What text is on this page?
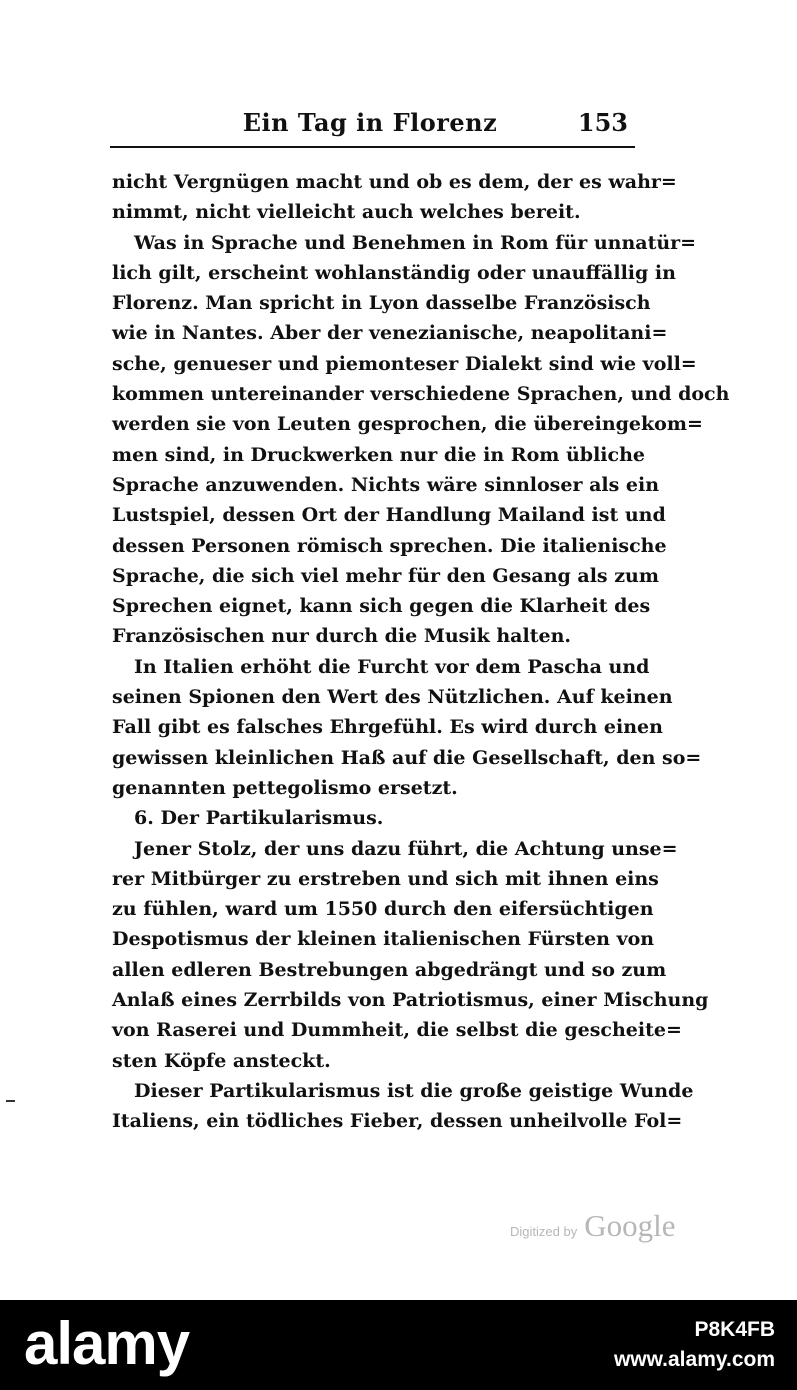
Ein Tag in Florenz	153
nicht Vergnügen macht und ob es dem, der es wahr=
nimmt, nicht vielleicht auch welches bereit.
Was in Sprache und Benehmen in Rom für unnatür=
lich gilt, erscheint wohlanständig oder unauffällig in
Florenz. Man spricht in Lyon dasselbe Französisch
wie in Nantes. Aber der venezianische, neapolitani=
sche, genueser und piemonteser Dialekt sind wie voll=
kommen untereinander verschiedene Sprachen, und doch
werden sie von Leuten gesprochen, die übereingekom=
men sind, in Druckwerken nur die in Rom übliche
Sprache anzuwenden. Nichts wäre sinnloser als ein
Lustspiel, dessen Ort der Handlung Mailand ist und
dessen Personen römisch sprechen. Die italienische
Sprache, die sich viel mehr für den Gesang als zum
Sprechen eignet, kann sich gegen die Klarheit des
Französischen nur durch die Musik halten.
In Italien erhöht die Furcht vor dem Pascha und
seinen Spionen den Wert des Nützlichen. Auf keinen
Fall gibt es falsches Ehrgefühl. Es wird durch einen
gewissen kleinlichen Haß auf die Gesellschaft, den so=
genannten pettegolismo ersetzt.
6. Der Partikularismus.
Jener Stolz, der uns dazu führt, die Achtung unse=
rer Mitbürger zu erstreben und sich mit ihnen eins
zu fühlen, ward um 1550 durch den eifersüchtigen
Despotismus der kleinen italienischen Fürsten von
allen edleren Bestrebungen abgedrängt und so zum
Anlaß eines Zerrbilds von Patriotismus, einer Mischung
von Raserei und Dummheit, die selbst die gescheite=
sten Köpfe ansteckt.
Dieser Partikularismus ist die große geistige Wunde
Italiens, ein tödliches Fieber, dessen unheilvolle Fol=
Digitized by Google
alamy	P8K4FB
www.alamy.com
